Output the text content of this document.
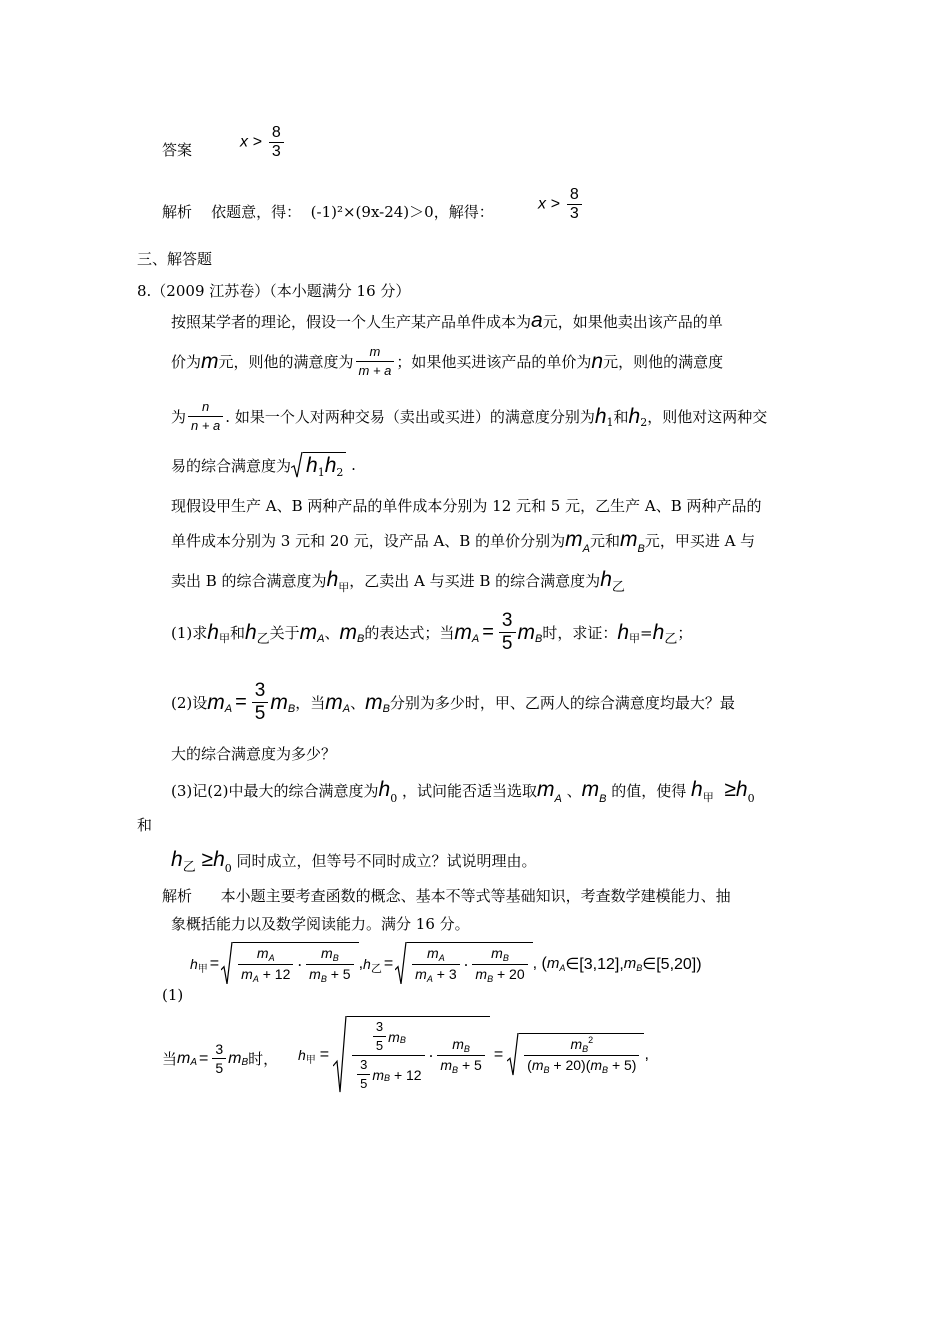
答案	$x > \frac{8}{3}$
解析 依题意，得： (-1)²×(9x-24)＞0，解得：	$x > \frac{8}{3}$
三、解答题
8.（2009 江苏卷）（本小题满分 16 分）
按照某学者的理论，假设一个人生产某产品单件成本为a元，如果他卖出该产品的单
价为 m 元，则他的满意度为 $\frac{m}{m + a}$ ；如果他买进该产品的单价为 n 元，则他的满意度
为 $\frac{n}{n + a}$ . 如果一个人对两种交易（卖出或买进）的满意度分别为 h 1 和 h 2 ，则他对这两种交
易的综合满意度为 h 1 h 2
.
现假设甲生产 A、B 两种产品的单件成本分别为 12 元和 5 元，乙生产 A、B 两种产品的
单件成本分别为 3 元和 20 元，设产品 A、B 的单价分别为$m_A$元和$m_B$元，甲买进 A 与
卖出 B 的综合满意度为$h_甲$，乙卖出 A 与买进 B 的综合满意度为h乙
(1)求 h 甲 和 h 乙 关于 m A 、 m B 的表达式；当 m $A = \frac{3}{5}$ m B 时，求证： h 甲 = h 乙 ；
(2)设 m $A = \frac{3}{5}$ m B ，当 m A 、 m B 分别为多少时，甲、乙两人的综合满意度均最大？最
大的综合满意度为多少？
(3)记(2)中最大的综合满意度为$h_0$ ，试问能否适当选取$m_A$ 、$m_B$ 的值，使得 $h_甲 \ge h_0$
和
h乙 $\ge h_0$ 同时成立，但等号不同时成立？试说明理由。
解析 本小题主要考查函数的概念、基本不等式等基础知识，考查数学建模能力、抽
象概括能力以及数学阅读能力。满分 16 分。
(1)
h 甲 = $\frac{m_A}{m_A + 12} \cdot \frac{m_B}{m_B + 5}$ , h 乙 = $\frac{m_A}{m_A + 3} \cdot \frac{m_B}{m_B + 20}$ , ( m A ∈[3,12], m B ∈[5,20])
当 m $A = \frac{3}{5}$ m B 时， h 甲 = $\frac{\frac{3}{5} m B}{\frac{3}{5} m B + 12} \cdot \frac{m_B}{m_B + 5} = \frac{m_B^2}{(m_B + 20)(m_B + 5)}$ ,
